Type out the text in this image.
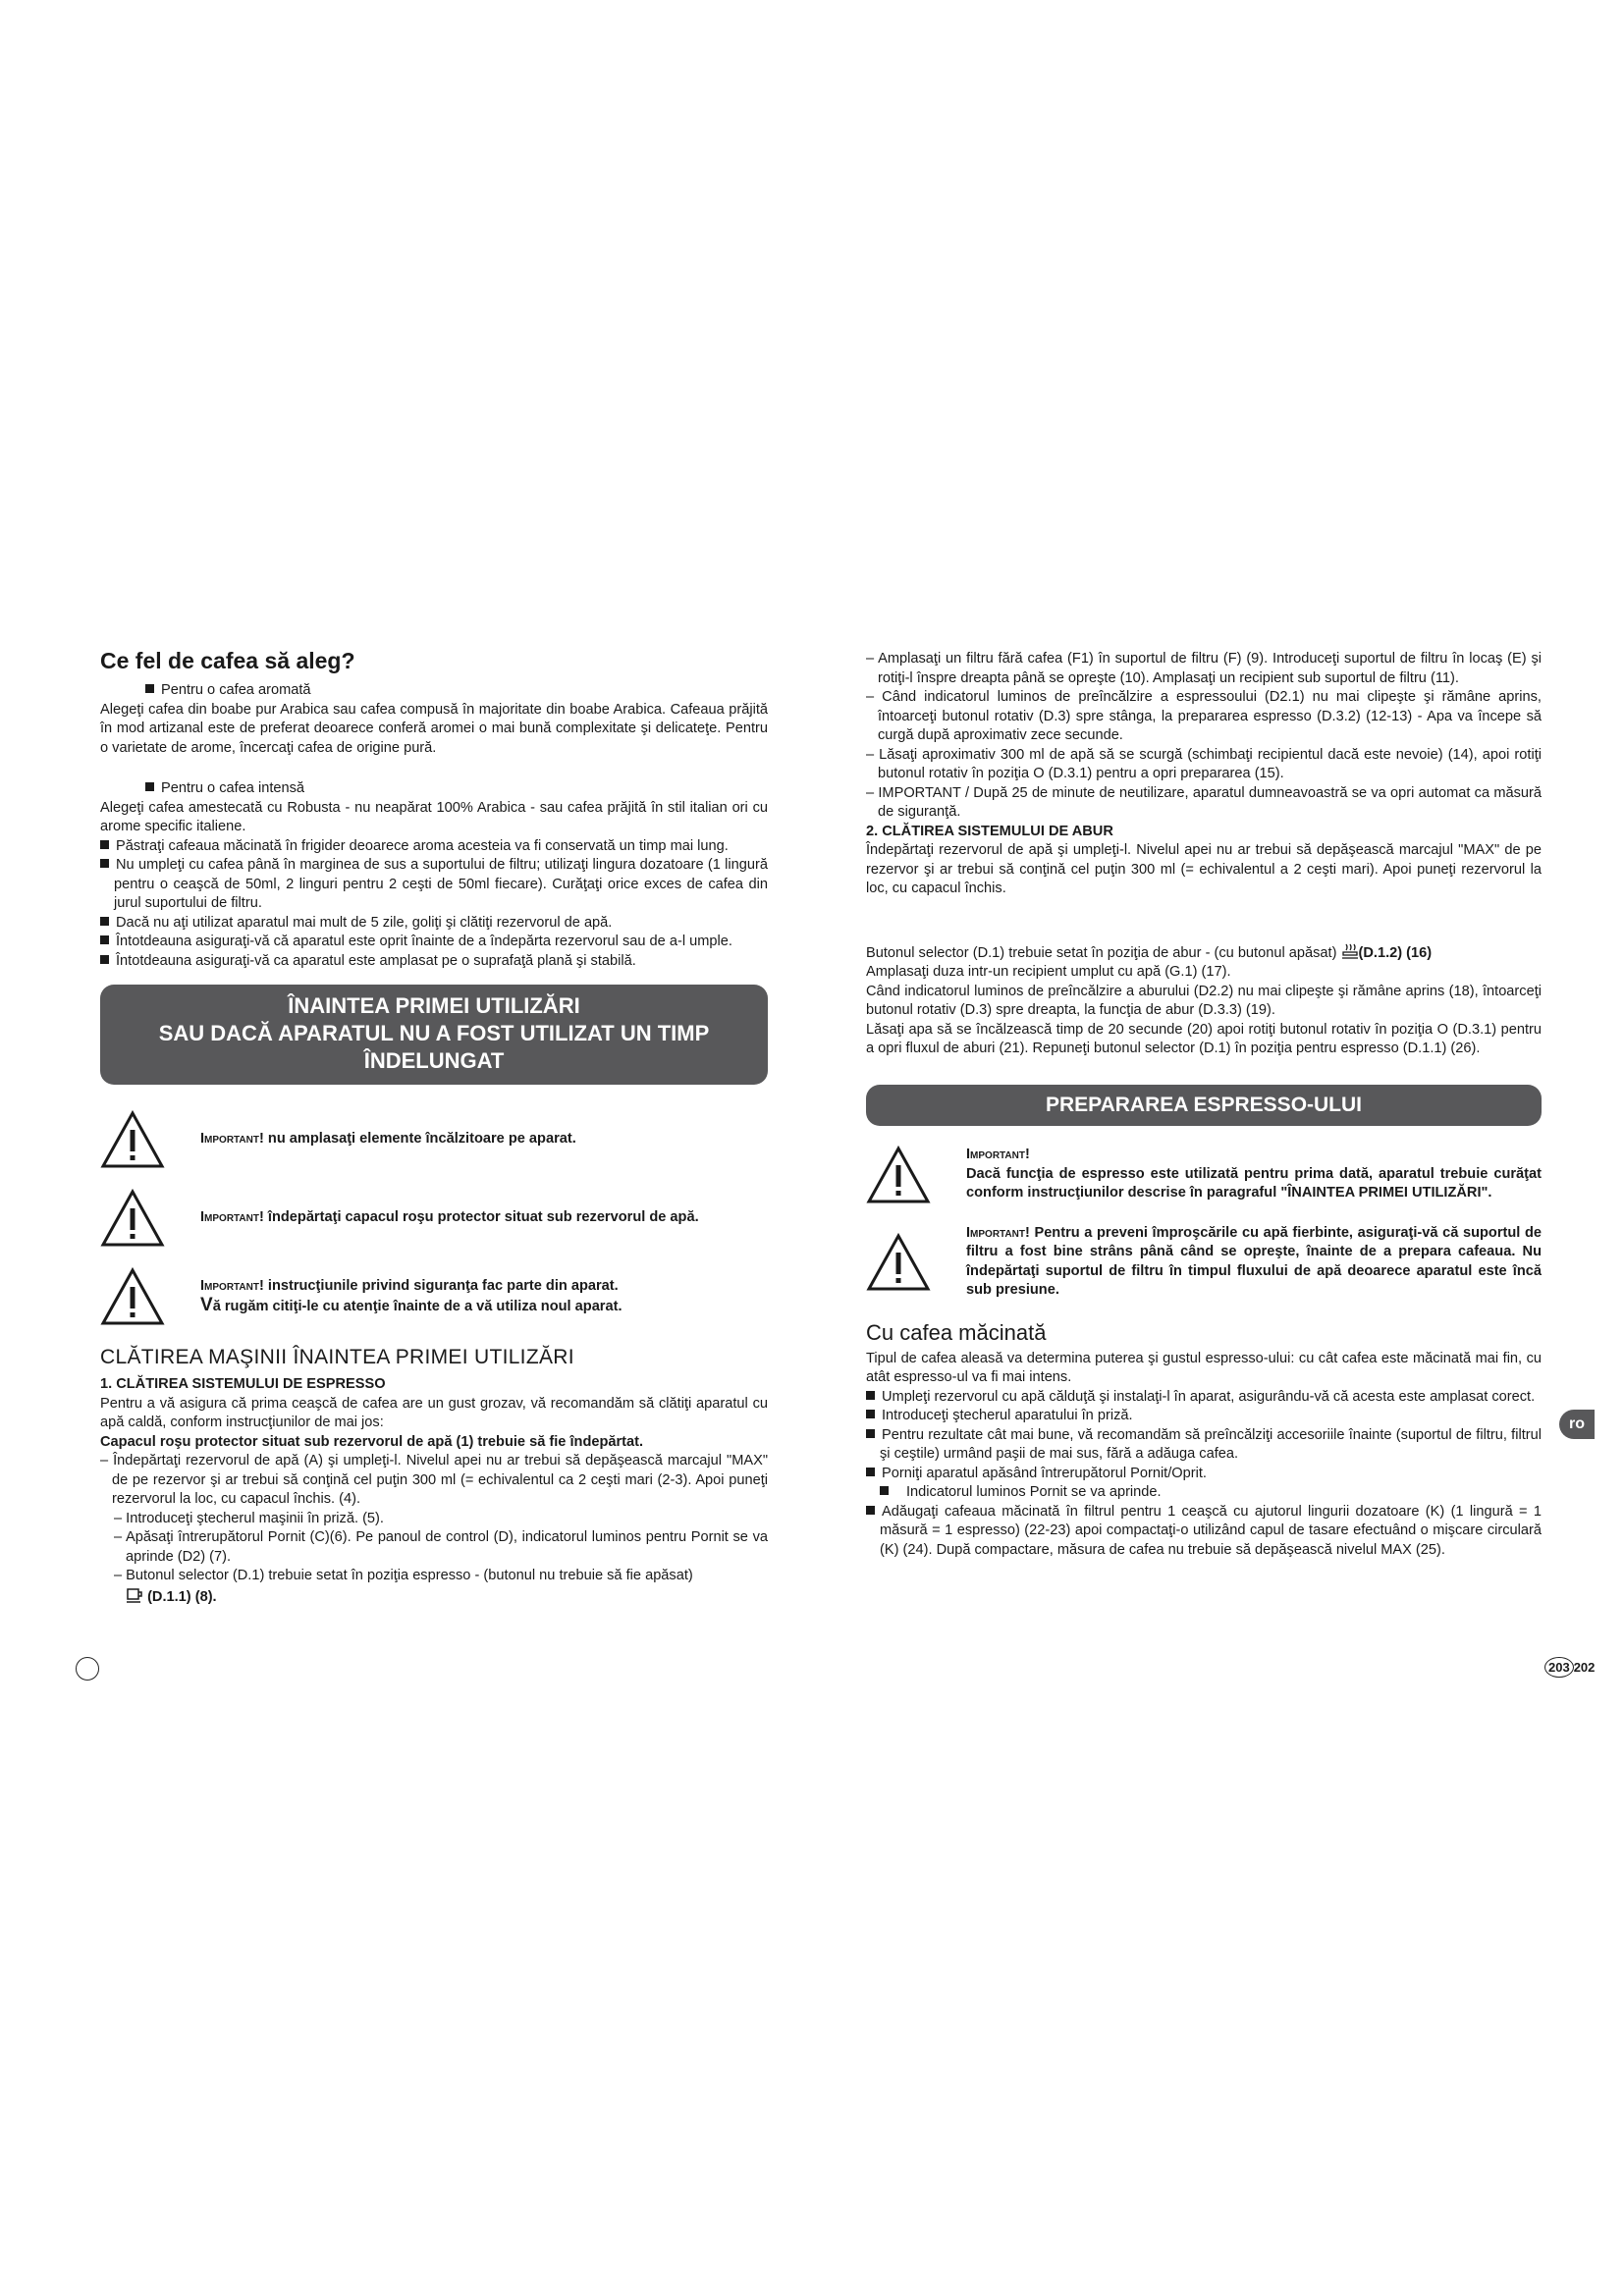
Ce fel de cafea să aleg?
Pentru o cafea aromată

Alegeţi cafea din boabe pur Arabica sau cafea compusă în majoritate din boabe Arabica. Cafeaua prăjită în mod artizanal este de preferat deoarece conferă aromei o mai bună complexitate şi delicateţe. Pentru o varietate de arome, încercaţi cafea de origine pură.

Pentru o cafea intensă

Alegeţi cafea amestecată cu Robusta - nu neapărat 100% Arabica - sau cafea prăjită în stil italian ori cu arome specific italiene.

Păstraţi cafeaua măcinată în frigider deoarece aroma acesteia va fi conservată un timp mai lung.
Nu umpleţi cu cafea până în marginea de sus a suportului de filtru; utilizaţi lingura dozatoare (1 lingură pentru o ceaşcă de 50ml, 2 linguri pentru 2 ceşti de 50ml fiecare). Curăţaţi orice exces de cafea din jurul suportului de filtru.
Dacă nu aţi utilizat aparatul mai mult de 5 zile, goliţi şi clătiţi rezervorul de apă.
Întotdeauna asiguraţi-vă că aparatul este oprit înainte de a îndepărta rezervorul sau de a-l umple.
Întotdeauna asiguraţi-vă ca aparatul este amplasat pe o suprafaţă plană şi stabilă.
ÎNAINTEA PRIMEI UTILIZĂRI
SAU DACĂ APARATUL NU A FOST UTILIZAT UN TIMP
ÎNDELUNGAT
Important! nu amplasaţi elemente încălzitoare pe aparat.
Important! îndepărtaţi capacul roşu protector situat sub rezervorul de apă.
Important! instrucţiunile privind siguranţa fac parte din aparat.
Vă rugăm citiţi-le cu atenţie înainte de a vă utiliza noul aparat.
CLĂTIREA MAŞINII ÎNAINTEA PRIMEI UTILIZĂRI
1. CLĂTIREA SISTEMULUI DE ESPRESSO

Pentru a vă asigura că prima ceaşcă de cafea are un gust grozav, vă recomandăm să clătiţi aparatul cu apă caldă, conform instrucţiunilor de mai jos:

Capacul roşu protector situat sub rezervorul de apă (1) trebuie să fie îndepărtat.

– Îndepărtaţi rezervorul de apă (A) şi umpleţi-l. Nivelul apei nu ar trebui să depăşească marcajul "MAX" de pe rezervor şi ar trebui să conţină cel puţin 300 ml (= echivalentul ca 2 ceşti mari (2-3). Apoi puneţi rezervorul la loc, cu capacul închis. (4).
– Introduceţi ştecherul maşinii în priză. (5).
– Apăsaţi întrerupătorul Pornit (C)(6). Pe panoul de control (D), indicatorul luminos pentru Pornit se va aprinde (D2) (7).
– Butonul selector (D.1) trebuie setat în poziţia espresso - (butonul nu trebuie să fie apăsat)
(D.1.1) (8).
– Amplasaţi un filtru fără cafea (F1) în suportul de filtru (F) (9). Introduceţi suportul de filtru în locaş (E) şi rotiţi-l înspre dreapta până se opreşte (10). Amplasaţi un recipient sub suportul de filtru (11).
– Când indicatorul luminos de preîncălzire a espressoului (D2.1) nu mai clipeşte şi rămâne aprins, întoarceţi butonul rotativ (D.3) spre stânga, la prepararea espresso (D.3.2) (12-13) - Apa va începe să curgă după aproximativ zece secunde.
– Lăsaţi aproximativ 300 ml de apă să se scurgă (schimbaţi recipientul dacă este nevoie) (14), apoi rotiţi butonul rotativ în poziţia O (D.3.1) pentru a opri prepararea (15).
– IMPORTANT / După 25 de minute de neutilizare, aparatul dumneavoastră se va opri automat ca măsură de siguranţă.
2. CLĂTIREA SISTEMULUI DE ABUR

Îndepărtaţi rezervorul de apă şi umpleţi-l. Nivelul apei nu ar trebui să depăşească marcajul "MAX" de pe rezervor şi ar trebui să conţină cel puţin 300 ml (= echivalentul a 2 ceşti mari). Apoi puneţi rezervorul la loc, cu capacul închis.

Butonul selector (D.1) trebuie setat în poziţia de abur - (cu butonul apăsat) (D.1.2) (16)

Amplasaţi duza intr-un recipient umplut cu apă (G.1) (17).

Când indicatorul luminos de preîncălzire a aburului (D2.2) nu mai clipeşte şi rămâne aprins (18), întoarceţi butonul rotativ (D.3) spre dreapta, la funcţia de abur (D.3.3) (19).

Lăsaţi apa să se încălzească timp de 20 secunde (20) apoi rotiţi butonul rotativ în poziţia O (D.3.1) pentru a opri fluxul de aburi (21). Repuneţi butonul selector (D.1) în poziţia pentru espresso (D.1.1) (26).

PREPARAREA ESPRESSO-ULUI
Important!
Dacă funcţia de espresso este utilizată pentru prima dată, aparatul trebuie curăţat conform instrucţiunilor descrise în paragraful "ÎNAINTEA PRIMEI UTILIZĂRI".
Important! Pentru a preveni împroşcările cu apă fierbinte, asiguraţi-vă că suportul de filtru a fost bine strâns până când se opreşte, înainte de a prepara cafeaua. Nu îndepărtaţi suportul de filtru în timpul fluxului de apă deoarece aparatul este încă sub presiune.
Cu cafea măcinată

Tipul de cafea aleasă va determina puterea şi gustul espresso-ului: cu cât cafea este măcinată mai fin, cu atât espresso-ul va fi mai intens.

Umpleţi rezervorul cu apă călduţă şi instalaţi-l în aparat, asigurându-vă că acesta este amplasat corect.
Introduceţi ştecherul aparatului în priză.
Pentru rezultate cât mai bune, vă recomandăm să preîncălziţi accesoriile înainte (suportul de filtru, filtrul şi ceştile) urmând paşii de mai sus, fără a adăuga cafea.
Porniţi aparatul apăsând întrerupătorul Pornit/Oprit.
Indicatorul luminos Pornit se va aprinde.
Adăugaţi cafeaua măcinată în filtrul pentru 1 ceaşcă cu ajutorul lingurii dozatoare (K) (1 lingură = 1 măsură = 1 espresso) (22-23) apoi compactaţi-o utilizând capul de tasare efectuând o mişcare circulară (K) (24). După compactare, măsura de cafea nu trebuie să depăşească nivelul MAX (25).
ro
203 202
